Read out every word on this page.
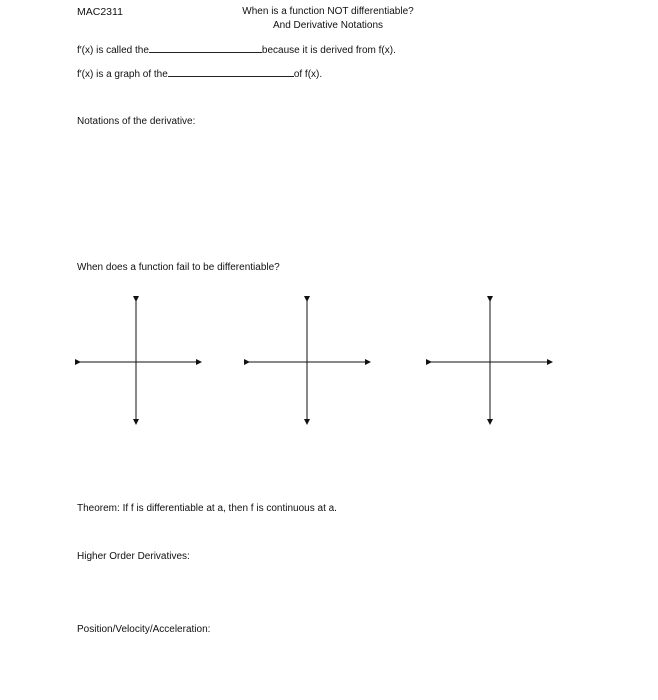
MAC2311	When is a function NOT differentiable?
And Derivative Notations
f′(x) is called the	because it is derived from f(x).
f′(x) is a graph of the	of f(x).
Notations of the derivative:
When does a function fail to be differentiable?
Theorem: If f is differentiable at a, then f is continuous at a.
Higher Order Derivatives:
Position/Velocity/Acceleration:
